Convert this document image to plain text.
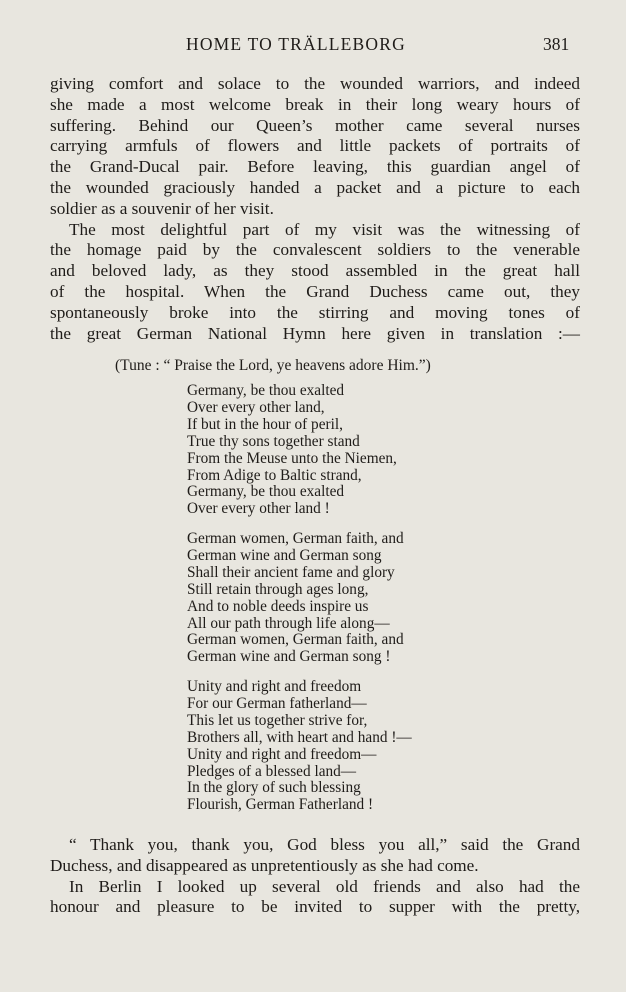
HOME TO TRÄLLEBORG	381

giving comfort and solace to the wounded warriors, and indeed
she made a most welcome break in their long weary hours of
suffering. Behind our Queen’s mother came several nurses
carrying armfuls of flowers and little packets of portraits of
the Grand-Ducal pair. Before leaving, this guardian angel of
the wounded graciously handed a packet and a picture to each
soldier as a souvenir of her visit.

The most delightful part of my visit was the witnessing of
the homage paid by the convalescent soldiers to the venerable
and beloved lady, as they stood assembled in the great hall
of the hospital. When the Grand Duchess came out, they
spontaneously broke into the stirring and moving tones of
the great German National Hymn here given in translation :—

(Tune : “ Praise the Lord, ye heavens adore Him.”)
Germany, be thou exalted
Over every other land,
If but in the hour of peril,
True thy sons together stand
From the Meuse unto the Niemen,
From Adige to Baltic strand,
Germany, be thou exalted
Over every other land !
German women, German faith, and
German wine and German song
Shall their ancient fame and glory
Still retain through ages long,
And to noble deeds inspire us
All our path through life along—
German women, German faith, and
German wine and German song !
Unity and right and freedom
For our German fatherland—
This let us together strive for,
Brothers all, with heart and hand !—
Unity and right and freedom—
Pledges of a blessed land—
In the glory of such blessing
Flourish, German Fatherland !

“ Thank you, thank you, God bless you all,” said the Grand
Duchess, and disappeared as unpretentiously as she had come.

In Berlin I looked up several old friends and also had the
honour and pleasure to be invited to supper with the pretty,
